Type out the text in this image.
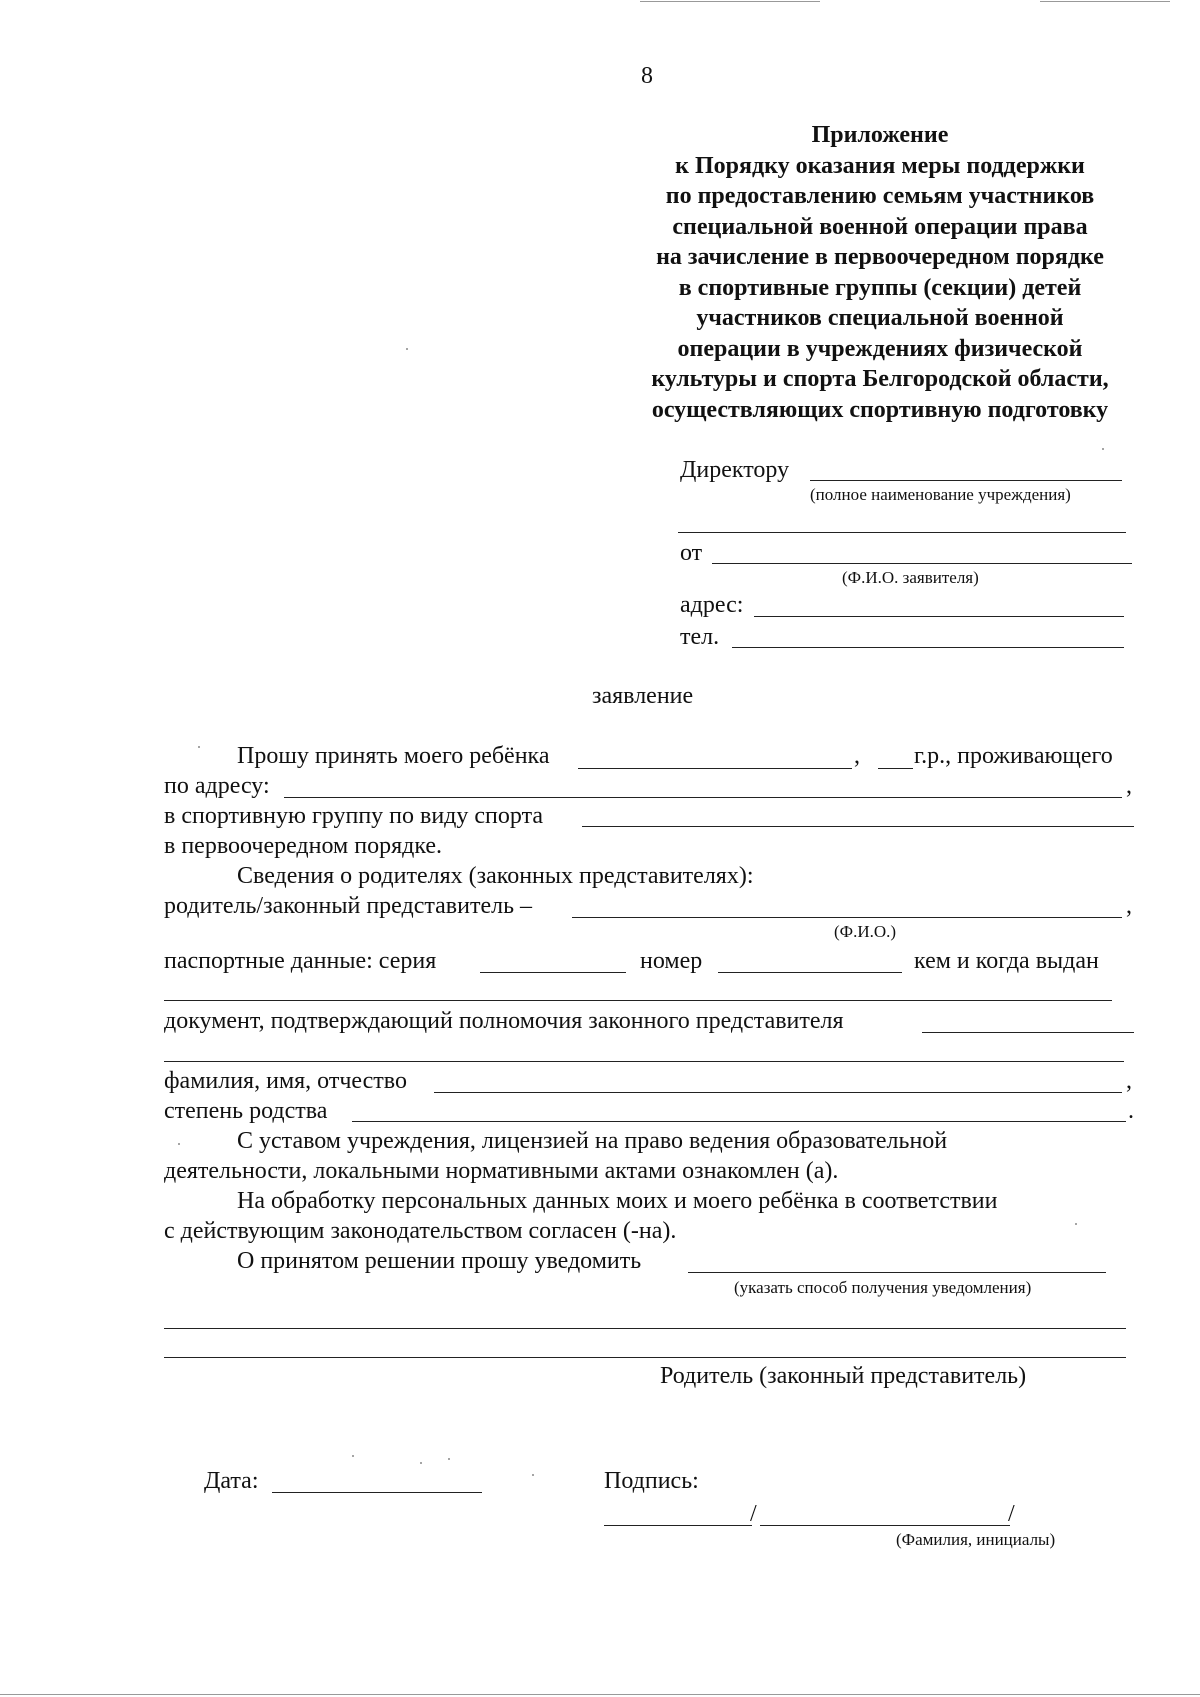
8
Приложение
к Порядку оказания меры поддержки
по предоставлению семьям участников
специальной военной операции права
на зачисление в первоочередном порядке
в спортивные группы (секции) детей
участников специальной военной
операции в учреждениях физической
культуры и спорта Белгородской области,
осуществляющих спортивную подготовку
Директору
(полное наименование учреждения)
от
(Ф.И.О. заявителя)
адрес:
тел.
заявление
Прошу принять моего ребёнка	, г.р., проживающего
по адресу:	,
в спортивную группу по виду спорта
в первоочередном порядке.
Сведения о родителях (законных представителях):
родитель/законный представитель –	,
(Ф.И.О.)
паспортные данные: серия	номер	кем и когда выдан
документ, подтверждающий полномочия законного представителя
фамилия, имя, отчество	,
степень родства	.
С уставом учреждения, лицензией на право ведения образовательной
деятельности, локальными нормативными актами ознакомлен (а).
На обработку персональных данных моих и моего ребёнка в соответствии
с действующим законодательством согласен (-на).
О принятом решении прошу уведомить
(указать способ получения уведомления)
Родитель (законный представитель)
Дата:	Подпись:
/	/
(Фамилия, инициалы)
